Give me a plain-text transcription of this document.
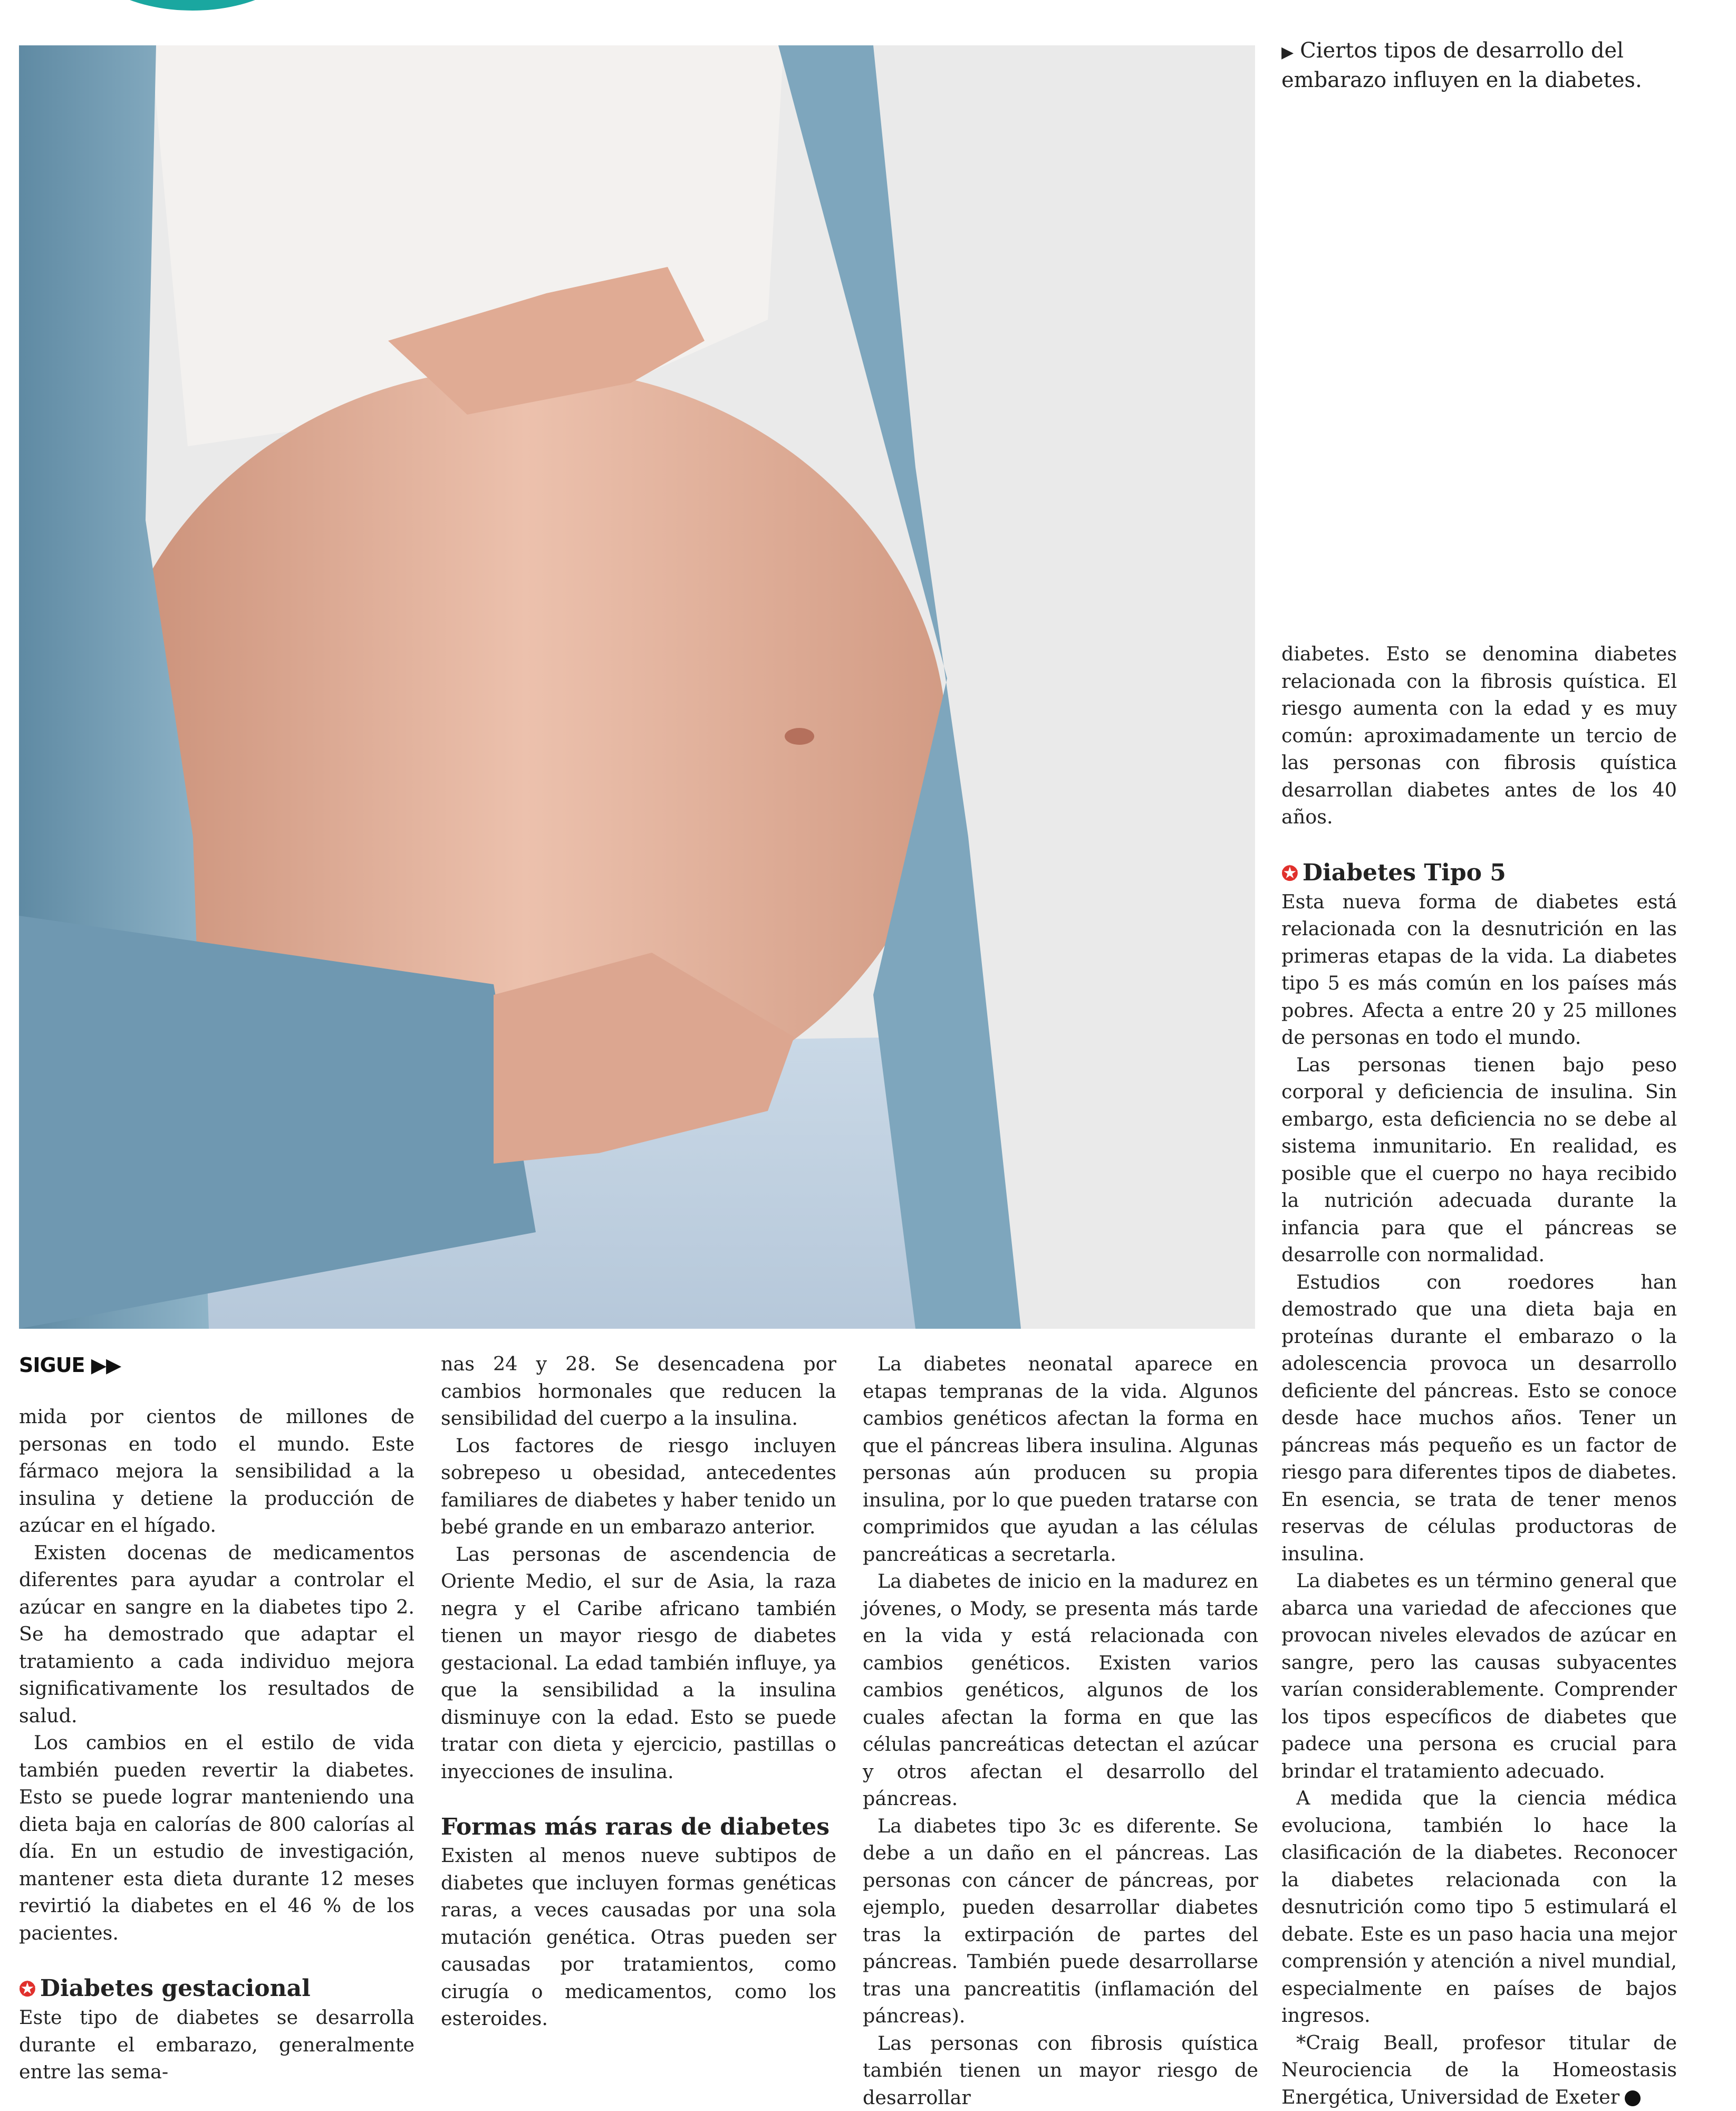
▶ Ciertos tipos de desarrollo del embarazo influyen en la diabetes.
SIGUE ▶▶

mida por cientos de millones de personas en todo el mundo. Este fármaco mejora la sensibilidad a la insulina y detiene la producción de azúcar en el hígado.

Existen docenas de medicamentos diferentes para ayudar a controlar el azúcar en sangre en la diabetes tipo 2. Se ha demostrado que adaptar el tratamiento a cada individuo mejora significativamente los resultados de salud.

Los cambios en el estilo de vida también pueden revertir la diabetes. Esto se puede lograr manteniendo una dieta baja en calorías de 800 calorías al día. En un estudio de investigación, mantener esta dieta durante 12 meses revirtió la diabetes en el 46 % de los pacientes.

✪ Diabetes gestacional

Este tipo de diabetes se desarrolla durante el embarazo, generalmente entre las sema-

nas 24 y 28. Se desencadena por cambios hormonales que reducen la sensibilidad del cuerpo a la insulina.

Los factores de riesgo incluyen sobrepeso u obesidad, antecedentes familiares de diabetes y haber tenido un bebé grande en un embarazo anterior.

Las personas de ascendencia de Oriente Medio, el sur de Asia, la raza negra y el Caribe africano también tienen un mayor riesgo de diabetes gestacional. La edad también influye, ya que la sensibilidad a la insulina disminuye con la edad. Esto se puede tratar con dieta y ejercicio, pastillas o inyecciones de insulina.

Formas más raras de diabetes

Existen al menos nueve subtipos de diabetes que incluyen formas genéticas raras, a veces causadas por una sola mutación genética. Otras pueden ser causadas por tratamientos, como cirugía o medicamentos, como los esteroides.

La diabetes neonatal aparece en etapas tempranas de la vida. Algunos cambios genéticos afectan la forma en que el páncreas libera insulina. Algunas personas aún producen su propia insulina, por lo que pueden tratarse con comprimidos que ayudan a las células pancreáticas a secretarla.

La diabetes de inicio en la madurez en jóvenes, o Mody, se presenta más tarde en la vida y está relacionada con cambios genéticos. Existen varios cambios genéticos, algunos de los cuales afectan la forma en que las células pancreáticas detectan el azúcar y otros afectan el desarrollo del páncreas.

La diabetes tipo 3c es diferente. Se debe a un daño en el páncreas. Las personas con cáncer de páncreas, por ejemplo, pueden desarrollar diabetes tras la extirpación de partes del páncreas. También puede desarrollarse tras una pancreatitis (inflamación del páncreas).

Las personas con fibrosis quística también tienen un mayor riesgo de desarrollar

diabetes. Esto se denomina diabetes relacionada con la fibrosis quística. El riesgo aumenta con la edad y es muy común: aproximadamente un tercio de las personas con fibrosis quística desarrollan diabetes antes de los 40 años.

✪ Diabetes Tipo 5

Esta nueva forma de diabetes está relacionada con la desnutrición en las primeras etapas de la vida. La diabetes tipo 5 es más común en los países más pobres. Afecta a entre 20 y 25 millones de personas en todo el mundo.

Las personas tienen bajo peso corporal y deficiencia de insulina. Sin embargo, esta deficiencia no se debe al sistema inmunitario. En realidad, es posible que el cuerpo no haya recibido la nutrición adecuada durante la infancia para que el páncreas se desarrolle con normalidad.

Estudios con roedores han demostrado que una dieta baja en proteínas durante el embarazo o la adolescencia provoca un desarrollo deficiente del páncreas. Esto se conoce desde hace muchos años. Tener un páncreas más pequeño es un factor de riesgo para diferentes tipos de diabetes. En esencia, se trata de tener menos reservas de células productoras de insulina.

La diabetes es un término general que abarca una variedad de afecciones que provocan niveles elevados de azúcar en sangre, pero las causas subyacentes varían considerablemente. Comprender los tipos específicos de diabetes que padece una persona es crucial para brindar el tratamiento adecuado.

A medida que la ciencia médica evoluciona, también lo hace la clasificación de la diabetes. Reconocer la diabetes relacionada con la desnutrición como tipo 5 estimulará el debate. Este es un paso hacia una mejor comprensión y atención a nivel mundial, especialmente en países de bajos ingresos.

*Craig Beall, profesor titular de Neurociencia de la Homeostasis Energética, Universidad de Exeter
